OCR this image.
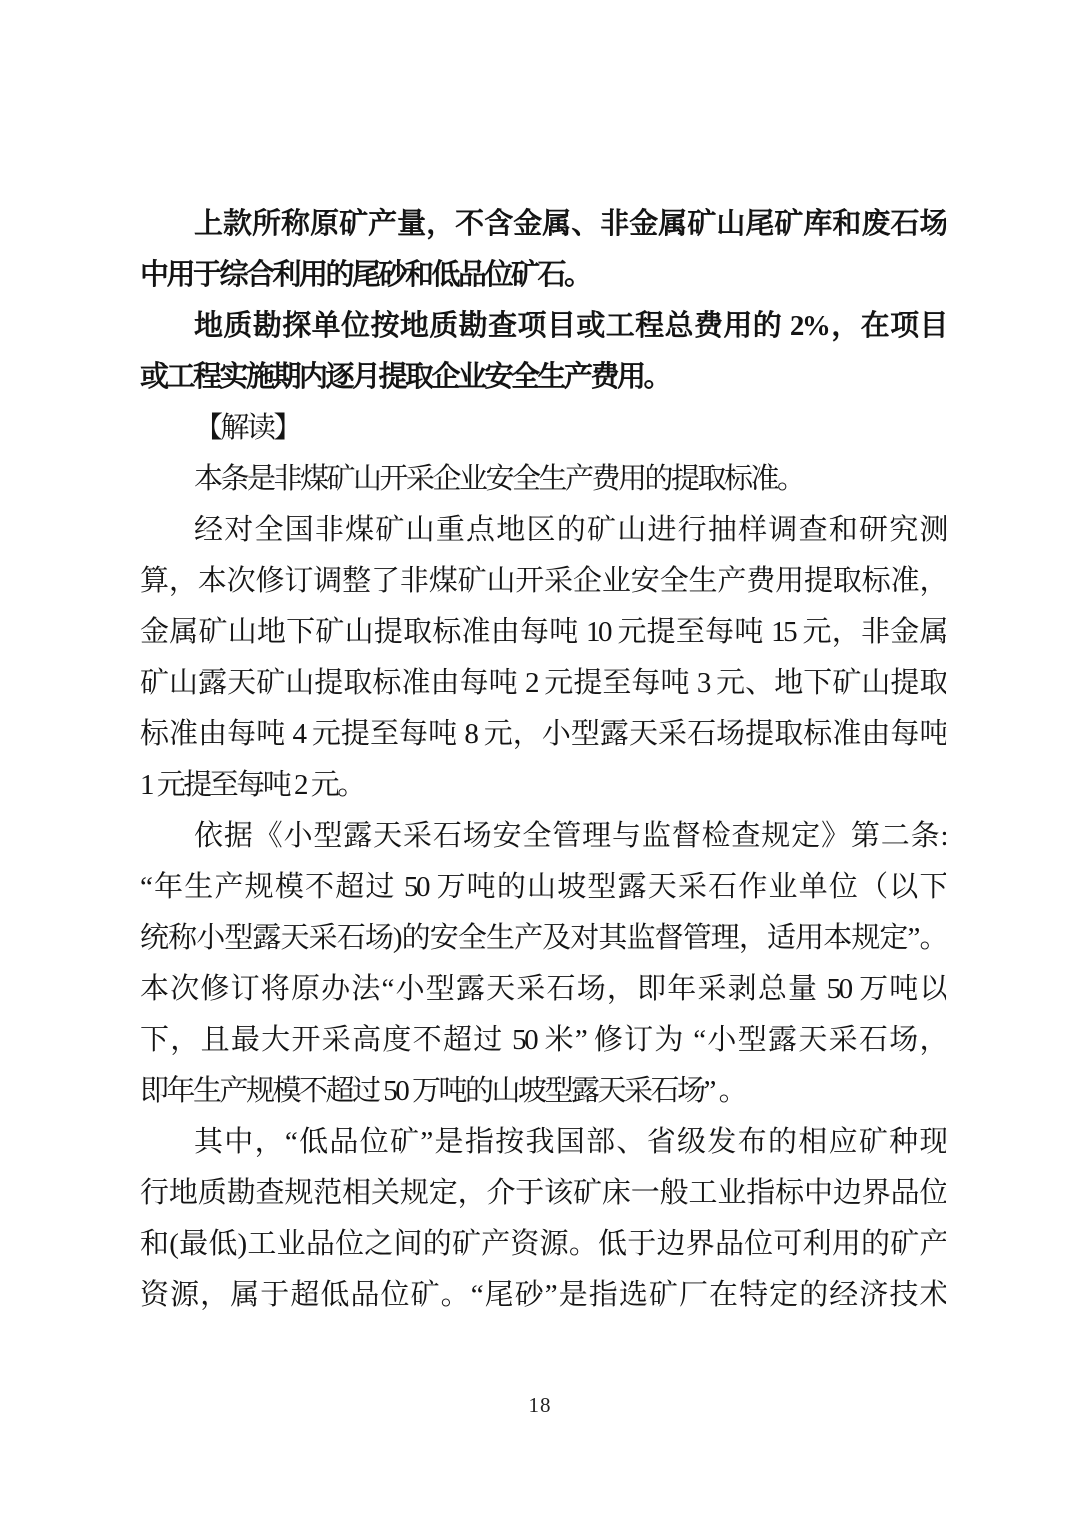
上款所称原矿产量，不含金属、非金属矿山尾矿库和废石场
中用于综合利用的尾砂和低品位矿石。
地质勘探单位按地质勘查项目或工程总费用的 2%，在项目
或工程实施期内逐月提取企业安全生产费用。
【解读】
本条是非煤矿山开采企业安全生产费用的提取标准。
经对全国非煤矿山重点地区的矿山进行抽样调查和研究测
算，本次修订调整了非煤矿山开采企业安全生产费用提取标准，
金属矿山地下矿山提取标准由每吨 10 元提至每吨 15 元，非金属
矿山露天矿山提取标准由每吨 2 元提至每吨 3 元、地下矿山提取
标准由每吨 4 元提至每吨 8 元，小型露天采石场提取标准由每吨
1 元提至每吨 2 元。
依据《小型露天采石场安全管理与监督检查规定》第二条:
“年生产规模不超过 50 万吨的山坡型露天采石作业单位（以下
统称小型露天采石场)的安全生产及对其监督管理，适用本规定”。
本次修订将原办法“小型露天采石场，即年采剥总量 50 万吨以
下，且最大开采高度不超过 50 米” 修订为 “小型露天采石场，
即年生产规模不超过 50 万吨的山坡型露天采石场” 。
其中，“低品位矿”是指按我国部、省级发布的相应矿种现
行地质勘查规范相关规定，介于该矿床一般工业指标中边界品位
和(最低)工业品位之间的矿产资源。低于边界品位可利用的矿产
资源，属于超低品位矿。“尾砂”是指选矿厂在特定的经济技术
18
